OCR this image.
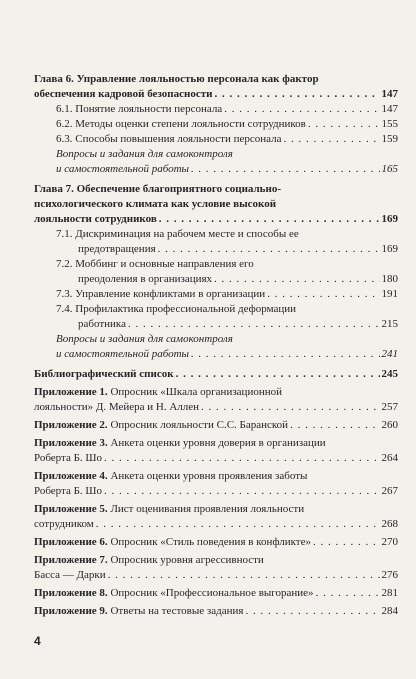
Глава 6. Управление лояльностью персонала как фактор
обеспечения кадровой безопасности . . .	147
6.1. Понятие лояльности персонала . . .	147
6.2. Методы оценки степени лояльности сотрудников . . .	155
6.3. Способы повышения лояльности персонала . . .	159
Вопросы и задания для самоконтроля
и самостоятельной работы . . .	165
Глава 7. Обеспечение благоприятного социально-
психологического климата как условие высокой
лояльности сотрудников . . .	169
7.1. Дискриминация на рабочем месте и способы ее
предотвращения . . .	169
7.2. Моббинг и основные направления его
преодоления в организациях . . .	180
7.3. Управление конфликтами в организации . . .	191
7.4. Профилактика профессиональной деформации
работника . . .	215
Вопросы и задания для самоконтроля
и самостоятельной работы . . .	241
Библиографический список . . .	245
Приложение 1. Опросник «Шкала организационной
лояльности» Д. Мейера и Н. Аллен . . .	257
Приложение 2.
Опросник лояльности С.С. Баранской . . .	260
Приложение 3. Анкета оценки уровня доверия в организации
Роберта Б. Шо . . .	264
Приложение 4. Анкета оценки уровня проявления заботы
Роберта Б. Шо . . .	267
Приложение 5. Лист оценивания проявления лояльности
сотрудником . . .	268
Приложение 6.
Опросник «Стиль поведения в конфликте» . . .	270
Приложение 7. Опросник уровня агрессивности
Басса — Дарки . . .	276
Приложение 8.
Опросник «Профессиональное выгорание» . . .	281
Приложение 9.
Ответы на тестовые задания . . .	284
4
